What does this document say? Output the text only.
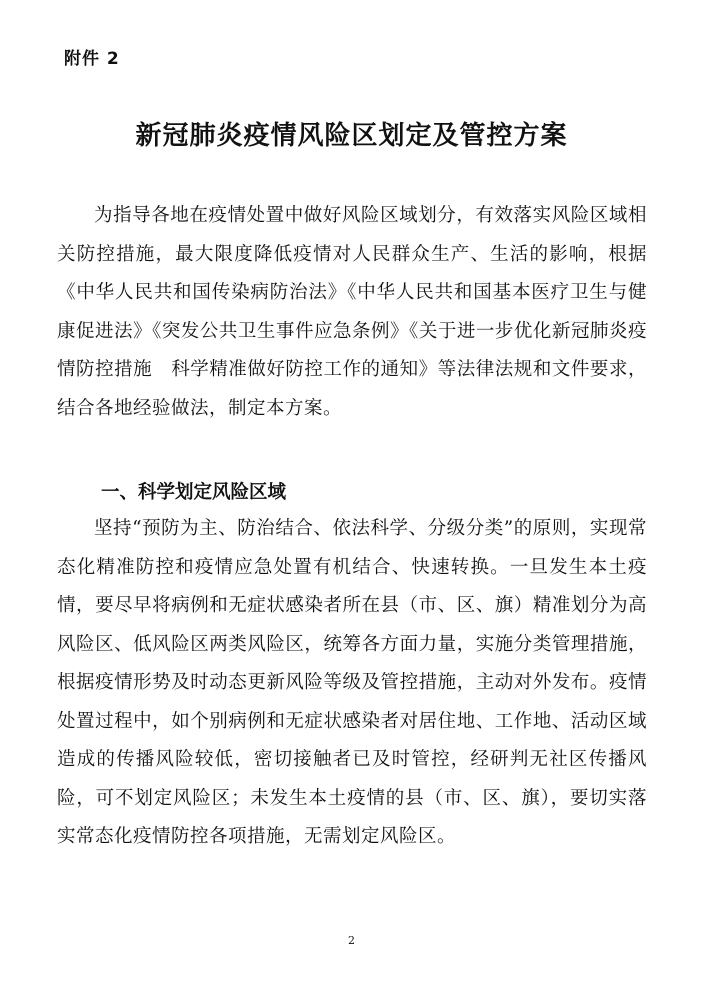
附件 2
新冠肺炎疫情风险区划定及管控方案

为指导各地在疫情处置中做好风险区域划分，有效落实风险区域相关防控措施，最大限度降低疫情对人民群众生产、生活的影响，根据《中华人民共和国传染病防治法》《中华人民共和国基本医疗卫生与健康促进法》《突发公共卫生事件应急条例》《关于进一步优化新冠肺炎疫情防控措施　科学精准做好防控工作的通知》等法律法规和文件要求，结合各地经验做法，制定本方案。

一、科学划定风险区域

坚持“预防为主、防治结合、依法科学、分级分类”的原则，实现常态化精准防控和疫情应急处置有机结合、快速转换。一旦发生本土疫情，要尽早将病例和无症状感染者所在县（市、区、旗）精准划分为高风险区、低风险区两类风险区，统筹各方面力量，实施分类管理措施，根据疫情形势及时动态更新风险等级及管控措施，主动对外发布。疫情处置过程中，如个别病例和无症状感染者对居住地、工作地、活动区域造成的传播风险较低，密切接触者已及时管控，经研判无社区传播风险，可不划定风险区；未发生本土疫情的县（市、区、旗），要切实落实常态化疫情防控各项措施，无需划定风险区。

2
